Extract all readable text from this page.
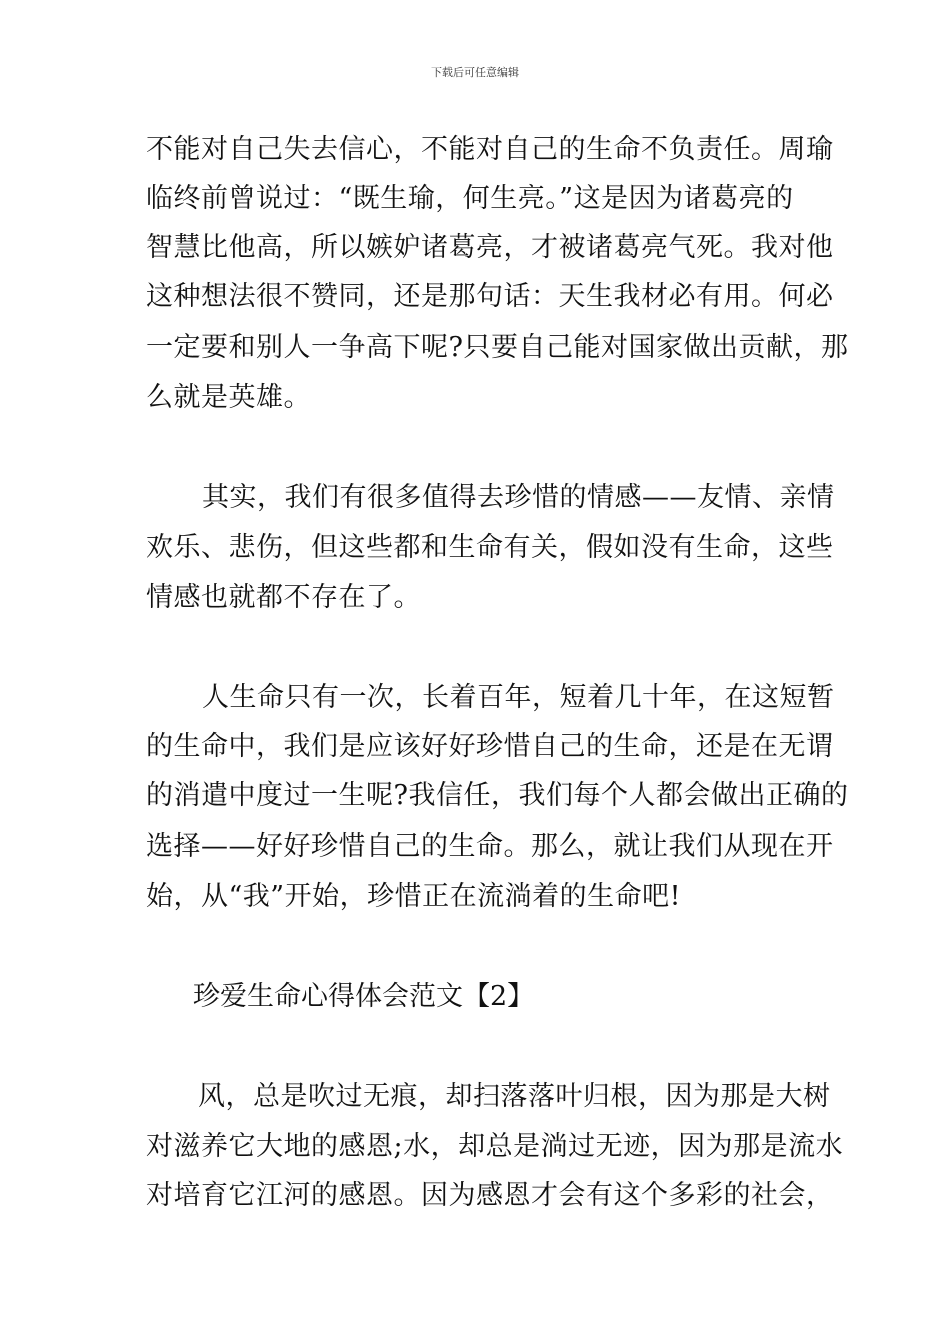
下载后可任意编辑
不能对自己失去信心，不能对自己的生命不负责任。周瑜
临终前曾说过：“既生瑜，何生亮。”这是因为诸葛亮的
智慧比他高，所以嫉妒诸葛亮，才被诸葛亮气死。我对他
这种想法很不赞同，还是那句话：天生我材必有用。何必
一定要和别人一争高下呢?只要自己能对国家做出贡献，那
么就是英雄。
其实，我们有很多值得去珍惜的情感——友情、亲情
欢乐、悲伤，但这些都和生命有关，假如没有生命，这些
情感也就都不存在了。
人生命只有一次，长着百年，短着几十年，在这短暂
的生命中，我们是应该好好珍惜自己的生命，还是在无谓
的消遣中度过一生呢?我信任，我们每个人都会做出正确的
选择——好好珍惜自己的生命。那么，就让我们从现在开
始，从“我”开始，珍惜正在流淌着的生命吧!
珍爱生命心得体会范文【2】
风，总是吹过无痕，却扫落落叶归根，因为那是大树
对滋养它大地的感恩;水，却总是淌过无迹，因为那是流水
对培育它江河的感恩。因为感恩才会有这个多彩的社会，
